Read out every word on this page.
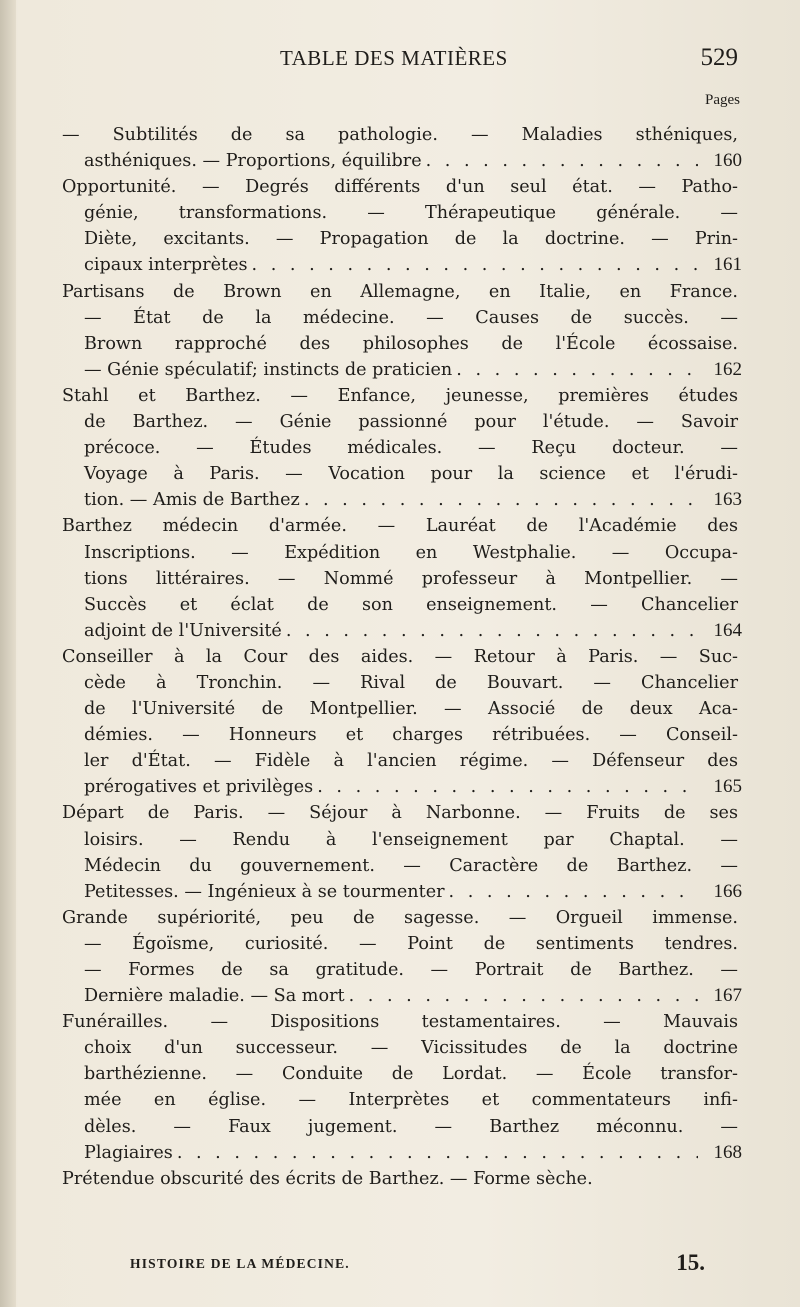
TABLE DES MATIÈRES	529
Pages
— Subtilités de sa pathologie. — Maladies sthéniques,
asthéniques. — Proportions, équilibre . . .	160
Opportunité. — Degrés différents d'un seul état. — Patho-
génie, transformations. — Thérapeutique générale. —
Diète, excitants. — Propagation de la doctrine. — Prin-
cipaux interprètes . . .	161
Partisans de Brown en Allemagne, en Italie, en France.
— État de la médecine. — Causes de succès. —
Brown rapproché des philosophes de l'École écossaise.
— Génie spéculatif; instincts de praticien . . .	162
Stahl et Barthez. — Enfance, jeunesse, premières études
de Barthez. — Génie passionné pour l'étude. — Savoir
précoce. — Études médicales. — Reçu docteur. —
Voyage à Paris. — Vocation pour la science et l'érudi-
tion. — Amis de Barthez . . .	163
Barthez médecin d'armée. — Lauréat de l'Académie des
Inscriptions. — Expédition en Westphalie. — Occupa-
tions littéraires. — Nommé professeur à Montpellier. —
Succès et éclat de son enseignement. — Chancelier
adjoint de l'Université . . .	164
Conseiller à la Cour des aides. — Retour à Paris. — Suc-
cède à Tronchin. — Rival de Bouvart. — Chancelier
de l'Université de Montpellier. — Associé de deux Aca-
démies. — Honneurs et charges rétribuées. — Conseil-
ler d'État. — Fidèle à l'ancien régime. — Défenseur des
prérogatives et privilèges . . .	165
Départ de Paris. — Séjour à Narbonne. — Fruits de ses
loisirs. — Rendu à l'enseignement par Chaptal. —
Médecin du gouvernement. — Caractère de Barthez. —
Petitesses. — Ingénieux à se tourmenter . . .	166
Grande supériorité, peu de sagesse. — Orgueil immense.
— Égoïsme, curiosité. — Point de sentiments tendres.
— Formes de sa gratitude. — Portrait de Barthez. —
Dernière maladie. — Sa mort . . .	167
Funérailles. — Dispositions testamentaires. — Mauvais
choix d'un successeur. — Vicissitudes de la doctrine
barthézienne. — Conduite de Lordat. — École transfor-
mée en église. — Interprètes et commentateurs infi-
dèles. — Faux jugement. — Barthez méconnu. —
Plagiaires . . .	168
Prétendue obscurité des écrits de Barthez. — Forme sèche.
HISTOIRE DE LA MÉDECINE.	15.
